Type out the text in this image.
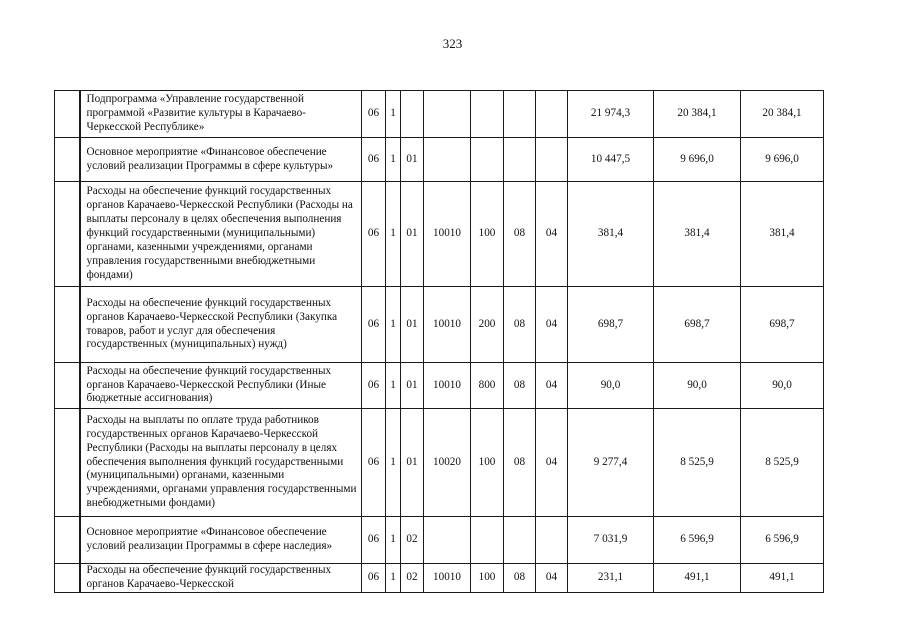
323
	Подпрограмма «Управление государственной программой «Развитие культуры в Карачаево-Черкесской Республике»	06	1						21 974,3	20 384,1	20 384,1
	Основное мероприятие «Финансовое обеспечение условий реализации Программы в сфере культуры»	06	1	01					10 447,5	9 696,0	9 696,0
	Расходы на обеспечение функций государственных органов Карачаево-Черкесской Республики (Расходы на выплаты персоналу в целях обеспечения выполнения функций государственными (муниципальными) органами, казенными учреждениями, органами управления государственными внебюджетными фондами)	06	1	01	10010	100	08	04	381,4	381,4	381,4
	Расходы на обеспечение функций государственных органов Карачаево-Черкесской Республики (Закупка товаров, работ и услуг для обеспечения государственных (муниципальных) нужд)	06	1	01	10010	200	08	04	698,7	698,7	698,7
	Расходы на обеспечение функций государственных органов Карачаево-Черкесской Республики (Иные бюджетные ассигнования)	06	1	01	10010	800	08	04	90,0	90,0	90,0
	Расходы на выплаты по оплате труда работников государственных органов Карачаево-Черкесской Республики (Расходы на выплаты персоналу в целях обеспечения выполнения функций государственными (муниципальными) органами, казенными учреждениями, органами управления государственными внебюджетными фондами)	06	1	01	10020	100	08	04	9 277,4	8 525,9	8 525,9
	Основное мероприятие «Финансовое обеспечение условий реализации Программы в сфере наследия»	06	1	02					7 031,9	6 596,9	6 596,9
	Расходы на обеспечение функций государственных органов Карачаево-Черкесской	06	1	02	10010	100	08	04	231,1	491,1	491,1
